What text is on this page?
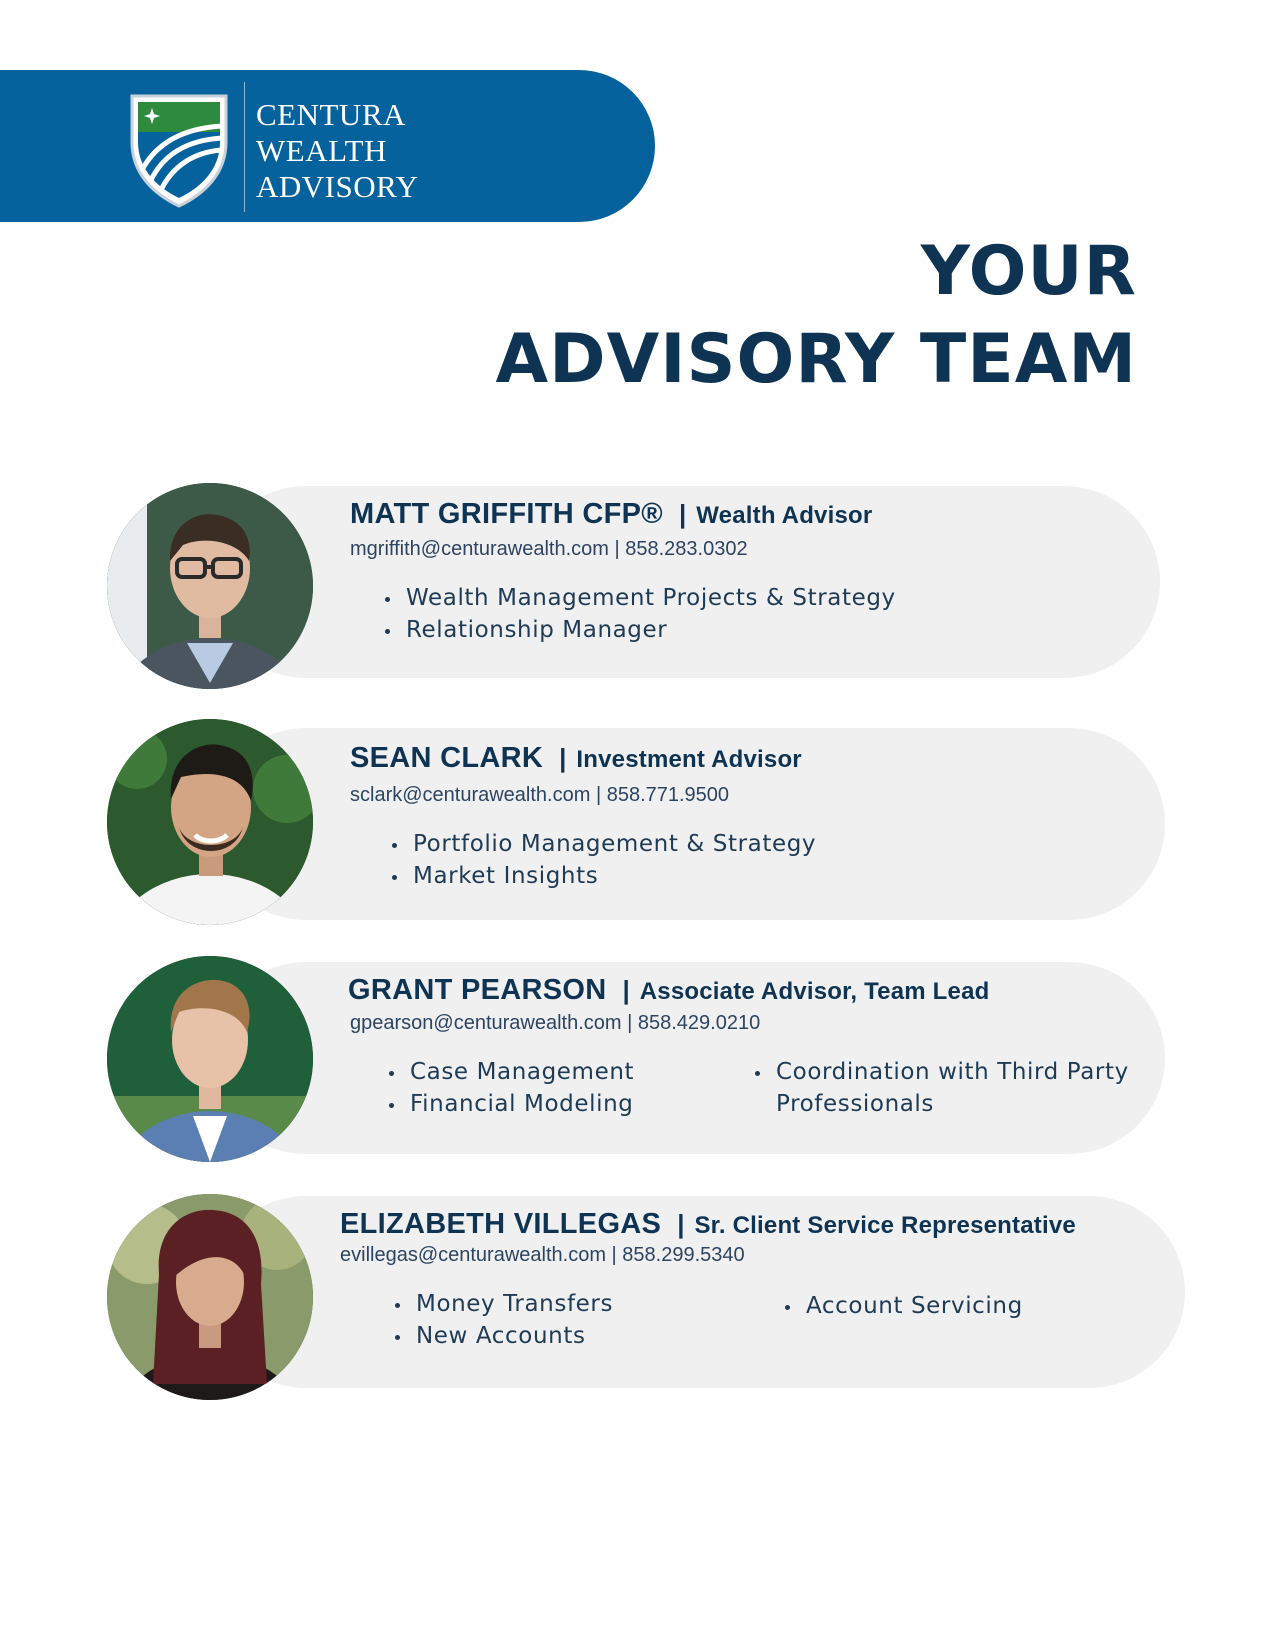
CENTURA
WEALTH
ADVISORY
YOUR
ADVISORY TEAM
MATT GRIFFITH CFP® | Wealth Advisor
mgriffith@centurawealth.com | 858.283.0302
• Wealth Management Projects & Strategy
• Relationship Manager
SEAN CLARK | Investment Advisor
sclark@centurawealth.com | 858.771.9500
• Portfolio Management & Strategy
• Market Insights
GRANT PEARSON | Associate Advisor, Team Lead
gpearson@centurawealth.com | 858.429.0210
• Case Management
• Financial Modeling
• Coordination with Third Party
Professionals
ELIZABETH VILLEGAS | Sr. Client Service Representative
evillegas@centurawealth.com | 858.299.5340
• Money Transfers
• New Accounts
• Account Servicing
